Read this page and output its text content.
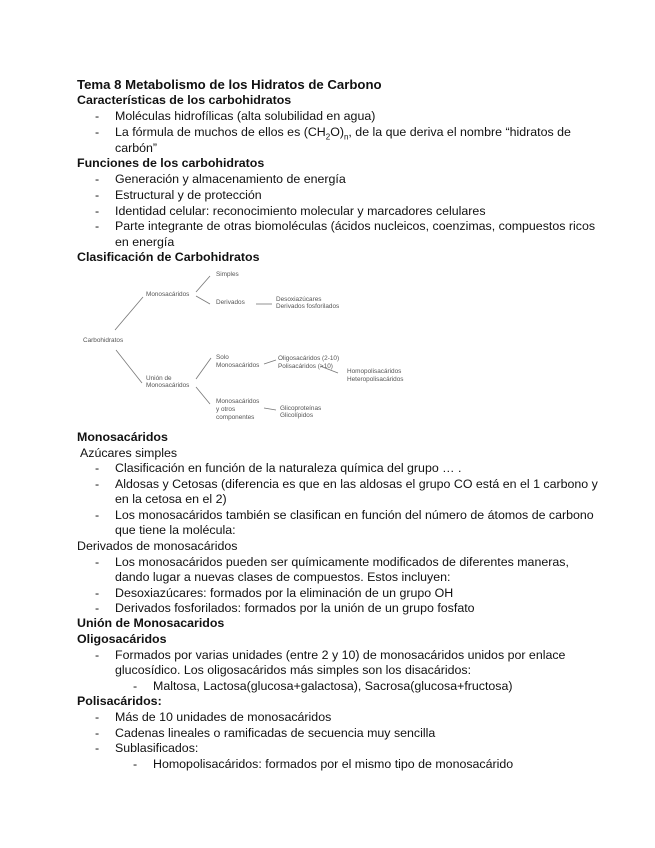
Tema 8 Metabolismo de los Hidratos de Carbono
Características de los carbohidratos
- Moléculas hidrofílicas (alta solubilidad en agua)
- La fórmula de muchos de ellos es $(CH_2O)_n$, de la que deriva el nombre “hidratos de
carbón”
Funciones de los carbohidratos
- Generación y almacenamiento de energía
- Estructural y de protección
- Identidad celular: reconocimiento molecular y marcadores celulares
- Parte integrante de otras biomoléculas (ácidos nucleicos, coenzimas, compuestos ricos
en energía
Clasificación de Carbohidratos
Carbohidratos
Monosacáridos
Simples
Derivados	Desoxiazúcares
Derivados fosforilados
Unión de
Monosacáridos
Solo
Monosacáridos
Oligosacáridos (2-10)
Polisacáridos (>10)
Homopolisacáridos
Heteropolisacáridos
Monosacáridos
y otros
componentes
Glicoproteínas
Glicolípidos
Monosacáridos
Azúcares simples
- Clasificación en función de la naturaleza química del grupo … .
- Aldosas y Cetosas (diferencia es que en las aldosas el grupo CO está en el 1 carbono y
en la cetosa en el 2)
- Los monosacáridos también se clasifican en función del número de átomos de carbono
que tiene la molécula:
Derivados de monosacáridos
- Los monosacáridos pueden ser químicamente modificados de diferentes maneras,
dando lugar a nuevas clases de compuestos. Estos incluyen:
- Desoxiazúcares: formados por la eliminación de un grupo OH
- Derivados fosforilados: formados por la unión de un grupo fosfato
Unión de Monosacaridos
Oligosacáridos
- Formados por varias unidades (entre 2 y 10) de monosacáridos unidos por enlace
glucosídico. Los oligosacáridos más simples son los disacáridos:
- Maltosa, Lactosa(glucosa+galactosa), Sacrosa(glucosa+fructosa)
Polisacáridos:
- Más de 10 unidades de monosacáridos
- Cadenas lineales o ramificadas de secuencia muy sencilla
- Sublasificados:
- Homopolisacáridos: formados por el mismo tipo de monosacárido
